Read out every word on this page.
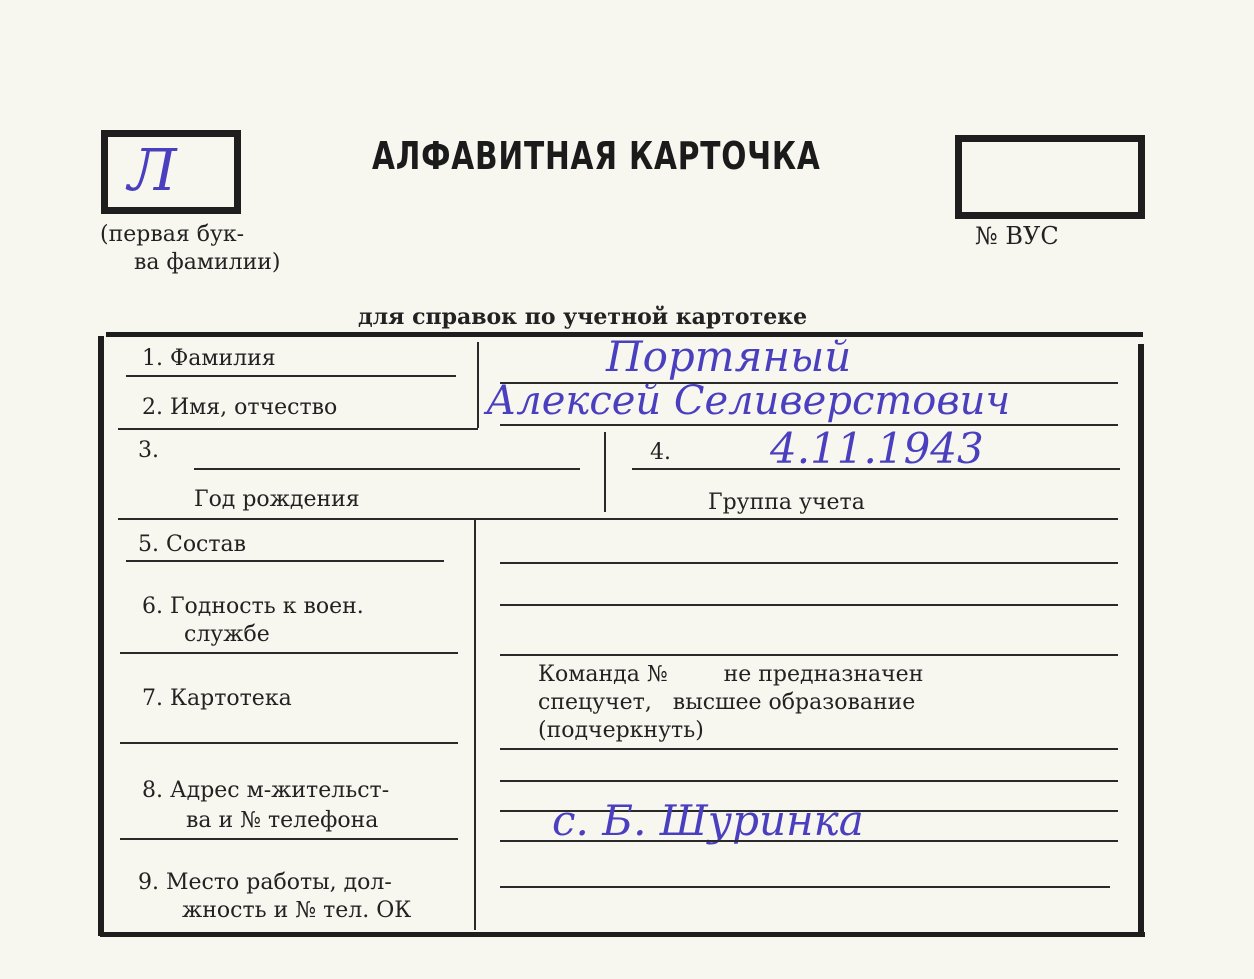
Л
(первая бук-
ва фамилии)
АЛФАВИТНАЯ КАРТОЧКА
№ ВУС
для справок по учетной картотеке
1. Фамилия	Портяный
2. Имя, отчество	Алексей Селиверстович
3.
Год рождения
4. 4.11.1943
Группа учета
5. Состав
6. Годность к воен.
службе
7. Картотека
8. Адрес м-жительст-
ва и № телефона
9. Место работы, дол-
жность и № тел. ОК
Команда №        не предназначен
спецучет,   высшее образование
(подчеркнуть)
с. Б. Шуринка
